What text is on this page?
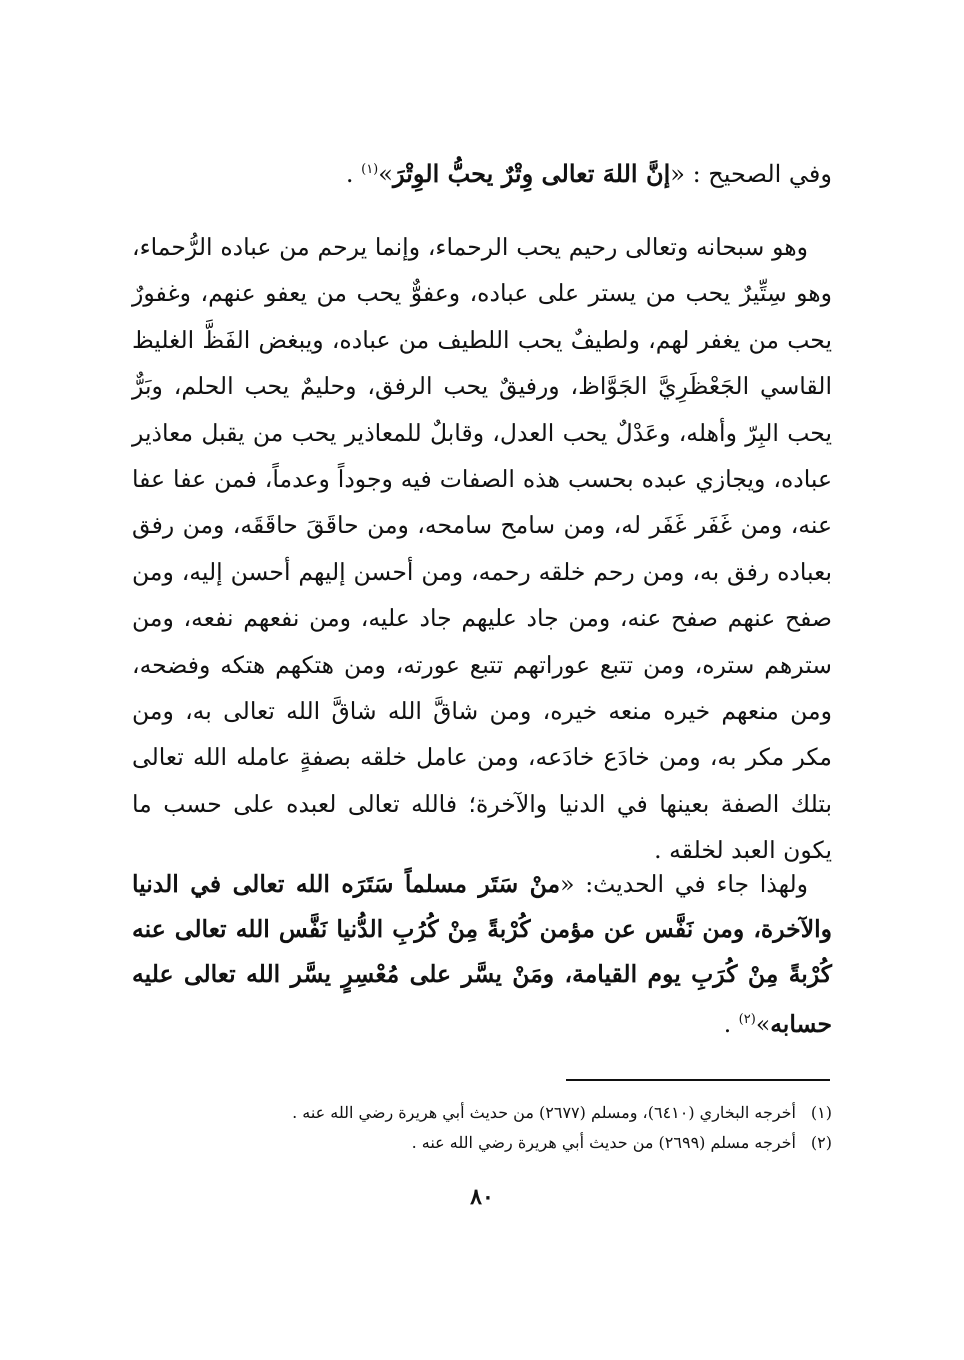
وفي الصحيح : «إنَّ اللهَ تعالى وِتْرٌ يحبُّ الوِتْرَ»$^{(١)}$ .
وهو سبحانه وتعالى رحيم يحب الرحماء، وإنما يرحم من عباده الرُّحماء، وهو سِتِّيرٌ يحب من يستر على عباده، وعفوٌّ يحب من يعفو عنهم، وغفورٌ يحب من يغفر لهم، ولطيفٌ يحب اللطيف من عباده، ويبغض الفَظَّ الغليظ القاسي الجَعْظَرِيَّ الجَوَّاظ، ورفيقٌ يحب الرفق، وحليمٌ يحب الحلم، وبَرٌّ يحب البِرّ وأهله، وعَدْلٌ يحب العدل، وقابلٌ للمعاذير يحب من يقبل معاذير عباده، ويجازي عبده بحسب هذه الصفات فيه وجوداً وعدماً، فمن عفا عفا عنه، ومن غَفَر غَفَر له، ومن سامح سامحه، ومن حاقَقَ حاقَقَه، ومن رفق بعباده رفق به، ومن رحم خلقه رحمه، ومن أحسن إليهم أحسن إليه، ومن صفح عنهم صفح عنه، ومن جاد عليهم جاد عليه، ومن نفعهم نفعه، ومن سترهم ستره، ومن تتبع عوراتهم تتبع عورته، ومن هتكهم هتكه وفضحه، ومن منعهم خيره منعه خيره، ومن شاقَّ الله شاقَّ الله تعالى به، ومن مكر مكر به، ومن خادَع خادَعه، ومن عامل خلقه بصفةٍ عامله الله تعالى بتلك الصفة بعينها في الدنيا والآخرة؛ فالله تعالى لعبده على حسب ما يكون العبد لخلقه .
ولهذا جاء في الحديث: «منْ سَتَر مسلماً سَتَرَه الله تعالى في الدنيا والآخرة، ومن نَفَّس عن مؤمن كُرْبةً مِنْ كُرُبِ الدُّنيا نَفَّس الله تعالى عنه كُرْبةً مِنْ كُرَبِ يوم القيامة، ومَنْ يسَّر على مُعْسِرٍ يسَّر الله تعالى عليه حسابه»$^{(٢)}$ .
(١)
أخرجه البخاري (٦٤١٠)، ومسلم (٢٦٧٧) من حديث أبي هريرة رضي الله عنه .
(٢)
أخرجه مسلم (٢٦٩٩) من حديث أبي هريرة رضي الله عنه .
٨٠
